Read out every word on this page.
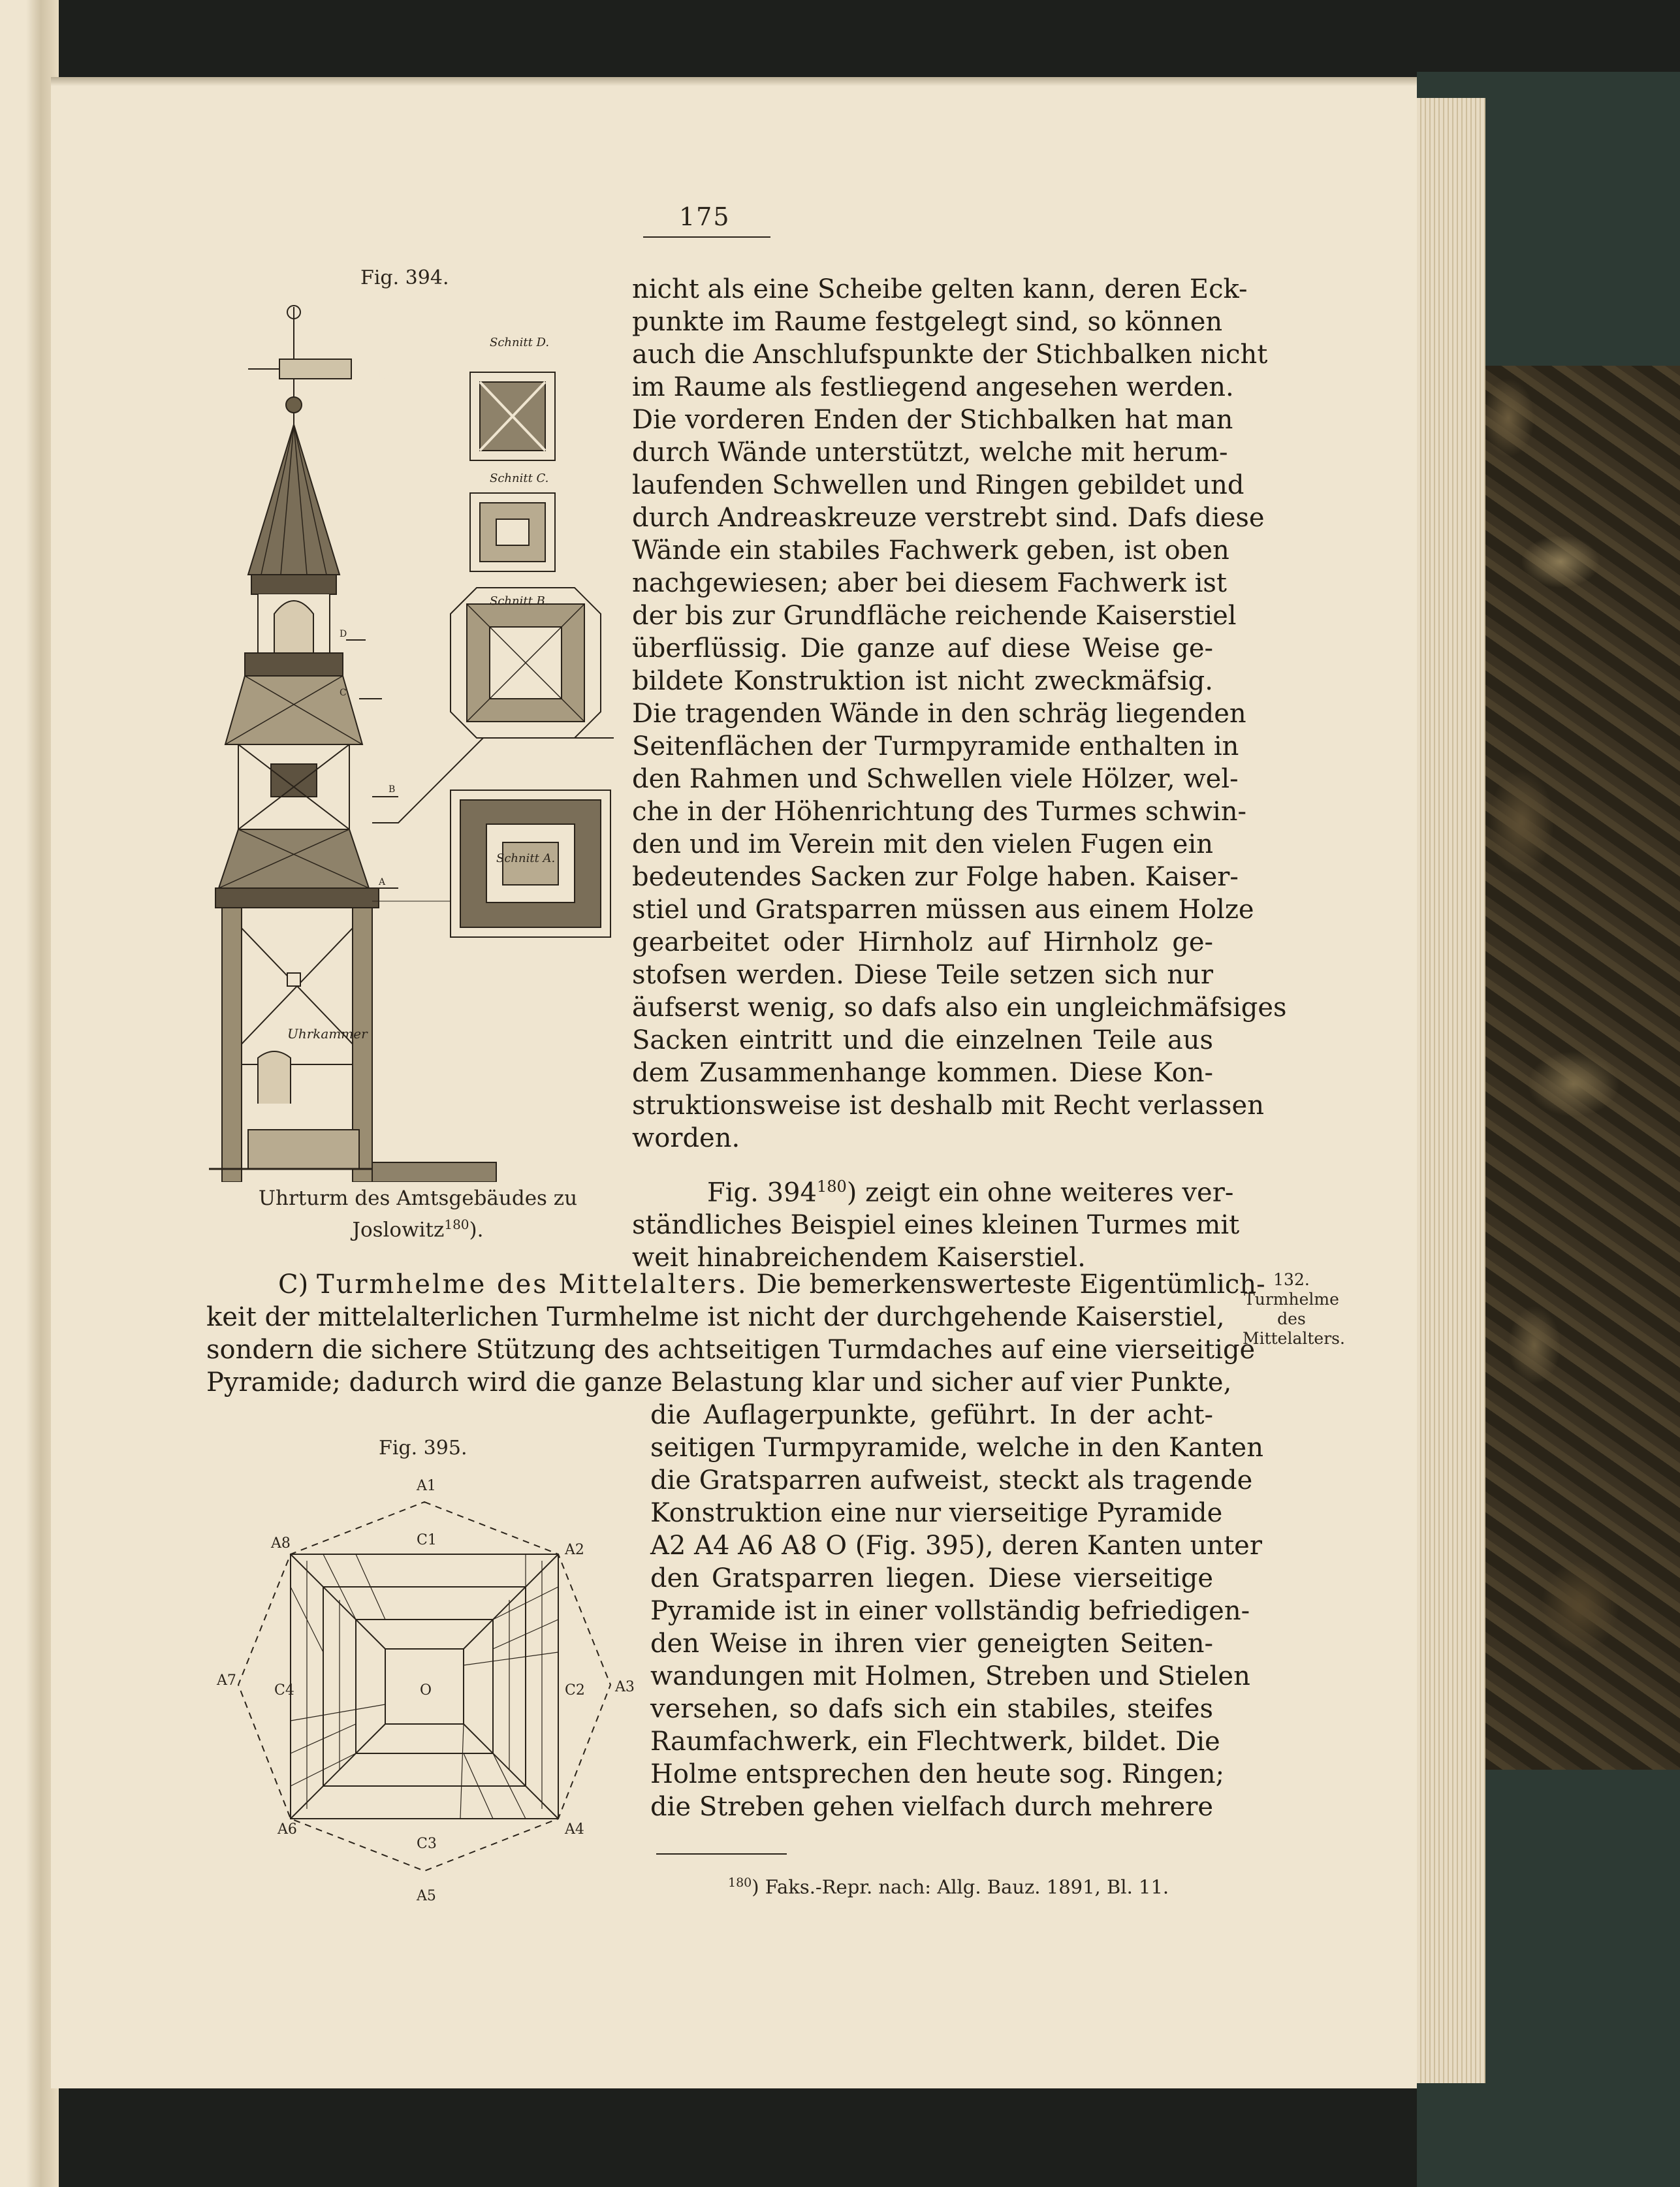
175
Fig. 394.
1885
Schnitt D.
Schnitt C.
Schnitt B.
Schnitt A.
Uhrkammer
D
C
B
A
Uhrturm des Amtsgebäudes zu
Joslowitz$^{180}$).
nicht als eine Scheibe gelten kann, deren Eck-
punkte im Raume festgelegt sind, so können
auch die Anschlufspunkte der Stichbalken nicht
im Raume als festliegend angesehen werden.
Die vorderen Enden der Stichbalken hat man
durch Wände unterstützt, welche mit herum-
laufenden Schwellen und Ringen gebildet und
durch Andreaskreuze verstrebt sind. Dafs diese
Wände ein stabiles Fachwerk geben, ist oben
nachgewiesen; aber bei diesem Fachwerk ist
der bis zur Grundfläche reichende Kaiserstiel
überflüssig. Die ganze auf diese Weise ge-
bildete Konstruktion ist nicht zweckmäfsig.
Die tragenden Wände in den schräg liegenden
Seitenflächen der Turmpyramide enthalten in
den Rahmen und Schwellen viele Hölzer, wel-
che in der Höhenrichtung des Turmes schwin-
den und im Verein mit den vielen Fugen ein
bedeutendes Sacken zur Folge haben. Kaiser-
stiel und Gratsparren müssen aus einem Holze
gearbeitet oder Hirnholz auf Hirnholz ge-
stofsen werden. Diese Teile setzen sich nur
äufserst wenig, so dafs also ein ungleichmäfsiges
Sacken eintritt und die einzelnen Teile aus
dem Zusammenhange kommen. Diese Kon-
struktionsweise ist deshalb mit Recht verlassen
worden.
Fig. $394^{180}$) zeigt ein ohne weiteres ver-
ständliches Beispiel eines kleinen Turmes mit
weit hinabreichendem Kaiserstiel.
C) Turmhelme des Mittelalters. Die bemerkenswerteste Eigentümlich-
keit der mittelalterlichen Turmhelme ist nicht der durchgehende Kaiserstiel,
sondern die sichere Stützung des achtseitigen Turmdaches auf eine vierseitige
Pyramide; dadurch wird die ganze Belastung klar und sicher auf vier Punkte,
die Auflagerpunkte, geführt. In der acht-
seitigen Turmpyramide, welche in den Kanten
die Gratsparren aufweist, steckt als tragende
Konstruktion eine nur vierseitige Pyramide
A2 A4 A6 A8 O (Fig. 395), deren Kanten unter
den Gratsparren liegen. Diese vierseitige
Pyramide ist in einer vollständig befriedigen-
den Weise in ihren vier geneigten Seiten-
wandungen mit Holmen, Streben und Stielen
versehen, so dafs sich ein stabiles, steifes
Raumfachwerk, ein Flechtwerk, bildet. Die
Holme entsprechen den heute sog. Ringen;
die Streben gehen vielfach durch mehrere
132.
Turmhelme
des
Mittelalters.
Fig. 395.
A1
A2
A3
A4
A5
A6
A7
A8	C1
C2
C3
C4	O
$^{180}$) Faks.-Repr. nach: Allg. Bauz. 1891, Bl. 11.
